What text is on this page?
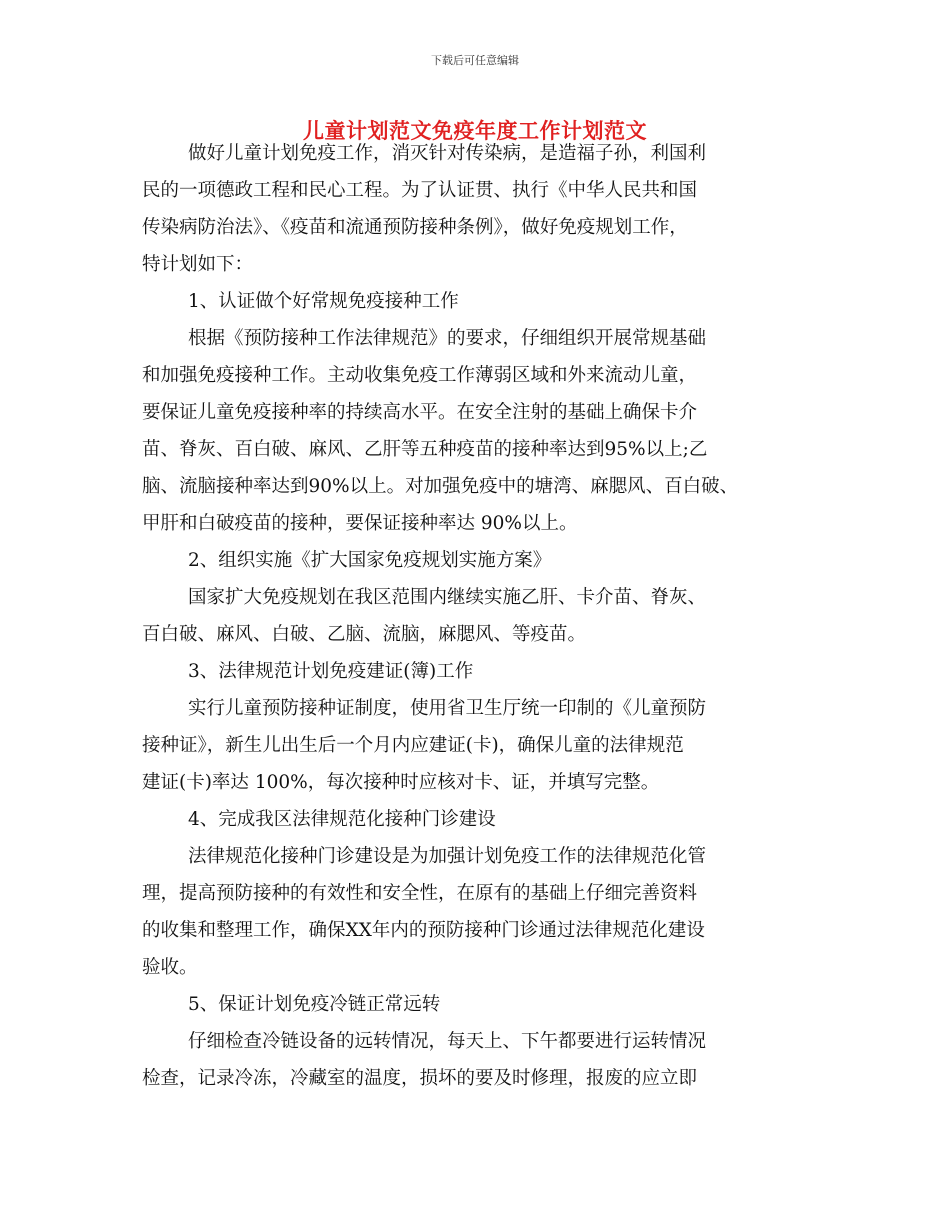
下载后可任意编辑
儿童计划范文免疫年度工作计划范文
做好儿童计划免疫工作，消灭针对传染病，是造福子孙，利国利
民的一项德政工程和民心工程。为了认证贯、执行《中华人民共和国
传染病防治法》、《疫苗和流通预防接种条例》，做好免疫规划工作，
特计划如下：
1、认证做个好常规免疫接种工作
根据《预防接种工作法律规范》的要求，仔细组织开展常规基础
和加强免疫接种工作。主动收集免疫工作薄弱区域和外来流动儿童，
要保证儿童免疫接种率的持续高水平。在安全注射的基础上确保卡介
苗、脊灰、百白破、麻风、乙肝等五种疫苗的接种率达到95%以上;乙
脑、流脑接种率达到90%以上。对加强免疫中的塘湾、麻腮风、百白破、
甲肝和白破疫苗的接种，要保证接种率达 90%以上。
2、组织实施《扩大国家免疫规划实施方案》
国家扩大免疫规划在我区范围内继续实施乙肝、卡介苗、脊灰、
百白破、麻风、白破、乙脑、流脑，麻腮风、等疫苗。
3、法律规范计划免疫建证(簿)工作
实行儿童预防接种证制度，使用省卫生厅统一印制的《儿童预防
接种证》，新生儿出生后一个月内应建证(卡)，确保儿童的法律规范
建证(卡)率达 100%，每次接种时应核对卡、证，并填写完整。
4、完成我区法律规范化接种门诊建设
法律规范化接种门诊建设是为加强计划免疫工作的法律规范化管
理，提高预防接种的有效性和安全性，在原有的基础上仔细完善资料
的收集和整理工作，确保XX年内的预防接种门诊通过法律规范化建设
验收。
5、保证计划免疫冷链正常远转
仔细检查冷链设备的远转情况，每天上、下午都要进行运转情况
检查，记录冷冻，冷藏室的温度，损坏的要及时修理，报废的应立即
